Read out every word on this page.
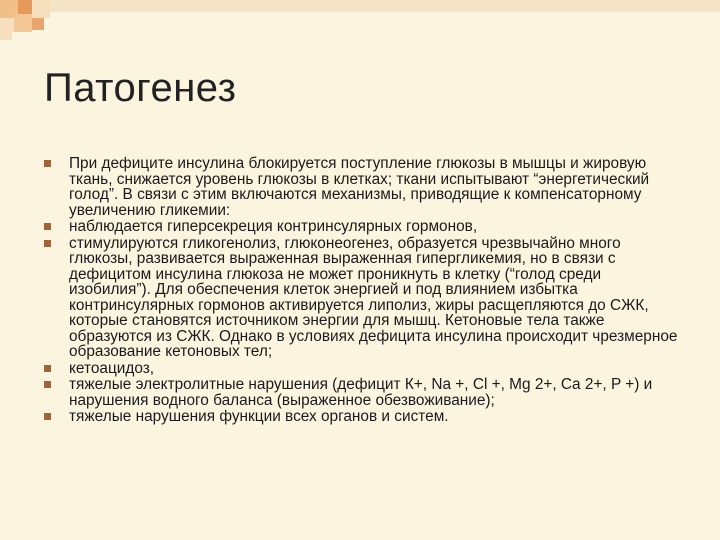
Патогенез
При дефиците инсулина блокируется поступление глюкозы в мышцы и жировую ткань, снижается уровень глюкозы в клетках; ткани испытывают “энергетический голод”. В связи с этим включаются механизмы, приводящие к компенсаторному увеличению гликемии:
наблюдается гиперсекреция контринсулярных гормонов,
стимулируются гликогенолиз, глюконеогенез, образуется чрезвычайно много глюкозы, развивается выраженная выраженная гипергликемия, но в связи с дефицитом инсулина глюкоза не может проникнуть в клетку (“голод среди изобилия”). Для обеспечения клеток энергией и под влиянием избытка контринсулярных гормонов активируется липолиз, жиры расщепляются до СЖК, которые становятся источником энергии для мышц. Кетоновые тела также образуются из СЖК. Однако в условиях дефицита инсулина происходит чрезмерное образование кетоновых тел;
кетоацидоз,
тяжелые электролитные нарушения (дефицит К+, Na +, Cl +, Mg 2+, Ca 2+, P +) и нарушения водного баланса (выраженное обезвоживание);
тяжелые нарушения функции всех органов и систем.
